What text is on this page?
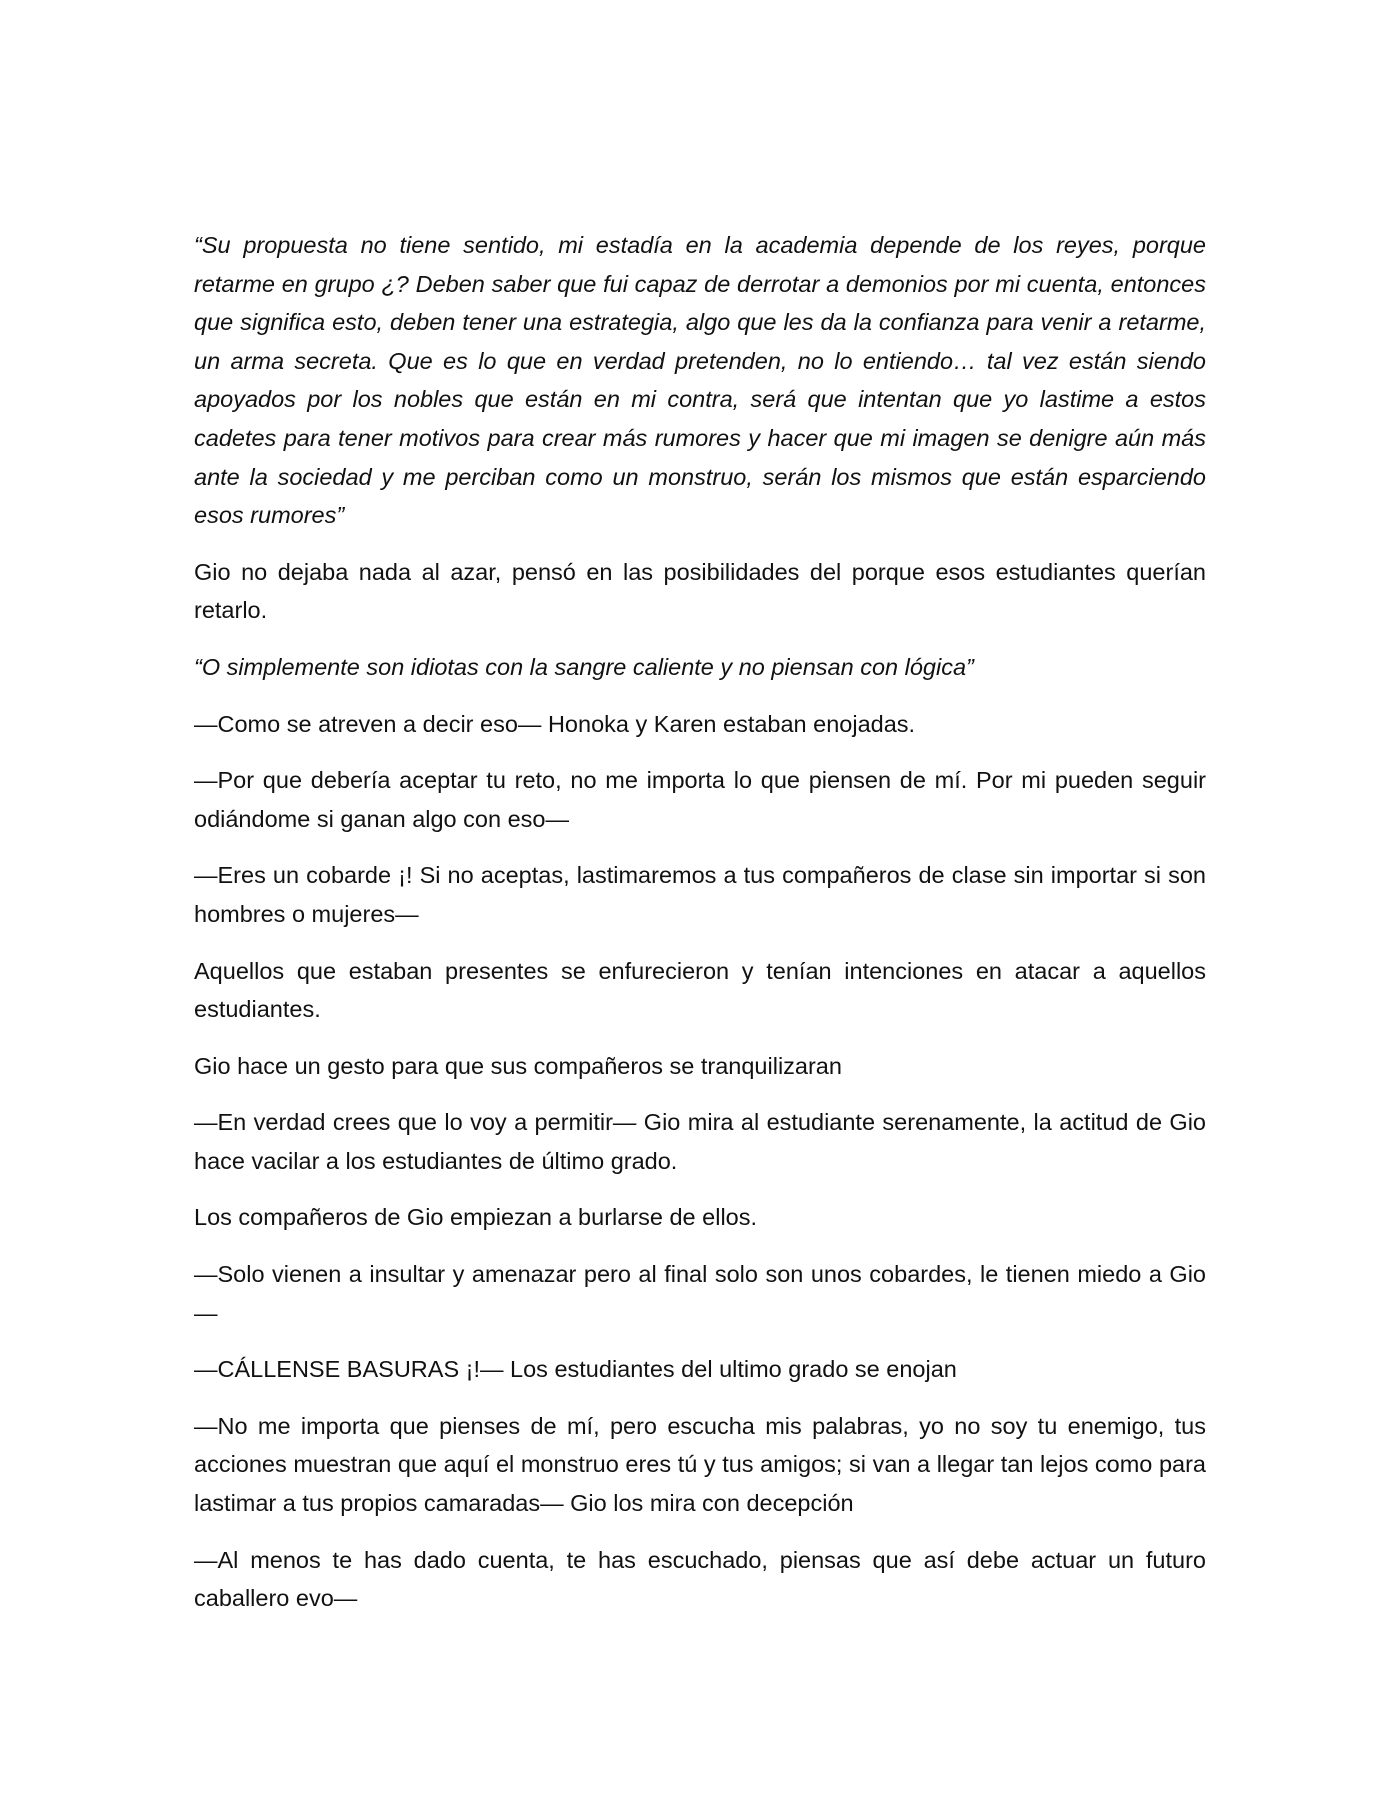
“Su propuesta no tiene sentido, mi estadía en la academia depende de los reyes, porque retarme en grupo ¿? Deben saber que fui capaz de derrotar a demonios por mi cuenta, entonces que significa esto, deben tener una estrategia, algo que les da la confianza para venir a retarme, un arma secreta. Que es lo que en verdad pretenden, no lo entiendo… tal vez están siendo apoyados por los nobles que están en mi contra, será que intentan que yo lastime a estos cadetes para tener motivos para crear más rumores y hacer que mi imagen se denigre aún más ante la sociedad y me perciban como un monstruo, serán los mismos que están esparciendo esos rumores”

Gio no dejaba nada al azar, pensó en las posibilidades del porque esos estudiantes querían retarlo.

“O simplemente son idiotas con la sangre caliente y no piensan con lógica”

—Como se atreven a decir eso— Honoka y Karen estaban enojadas.

—Por que debería aceptar tu reto, no me importa lo que piensen de mí. Por mi pueden seguir odiándome si ganan algo con eso—

—Eres un cobarde ¡! Si no aceptas, lastimaremos a tus compañeros de clase sin importar si son hombres o mujeres—

Aquellos que estaban presentes se enfurecieron y tenían intenciones en atacar a aquellos estudiantes.

Gio hace un gesto para que sus compañeros se tranquilizaran

—En verdad crees que lo voy a permitir— Gio mira al estudiante serenamente, la actitud de Gio hace vacilar a los estudiantes de último grado.

Los compañeros de Gio empiezan a burlarse de ellos.

—Solo vienen a insultar y amenazar pero al final solo son unos cobardes, le tienen miedo a Gio—

—CÁLLENSE BASURAS ¡!— Los estudiantes del ultimo grado se enojan

—No me importa que pienses de mí, pero escucha mis palabras, yo no soy tu enemigo, tus acciones muestran que aquí el monstruo eres tú y tus amigos; si van a llegar tan lejos como para lastimar a tus propios camaradas— Gio los mira con decepción

—Al menos te has dado cuenta, te has escuchado, piensas que así debe actuar un futuro caballero evo—
